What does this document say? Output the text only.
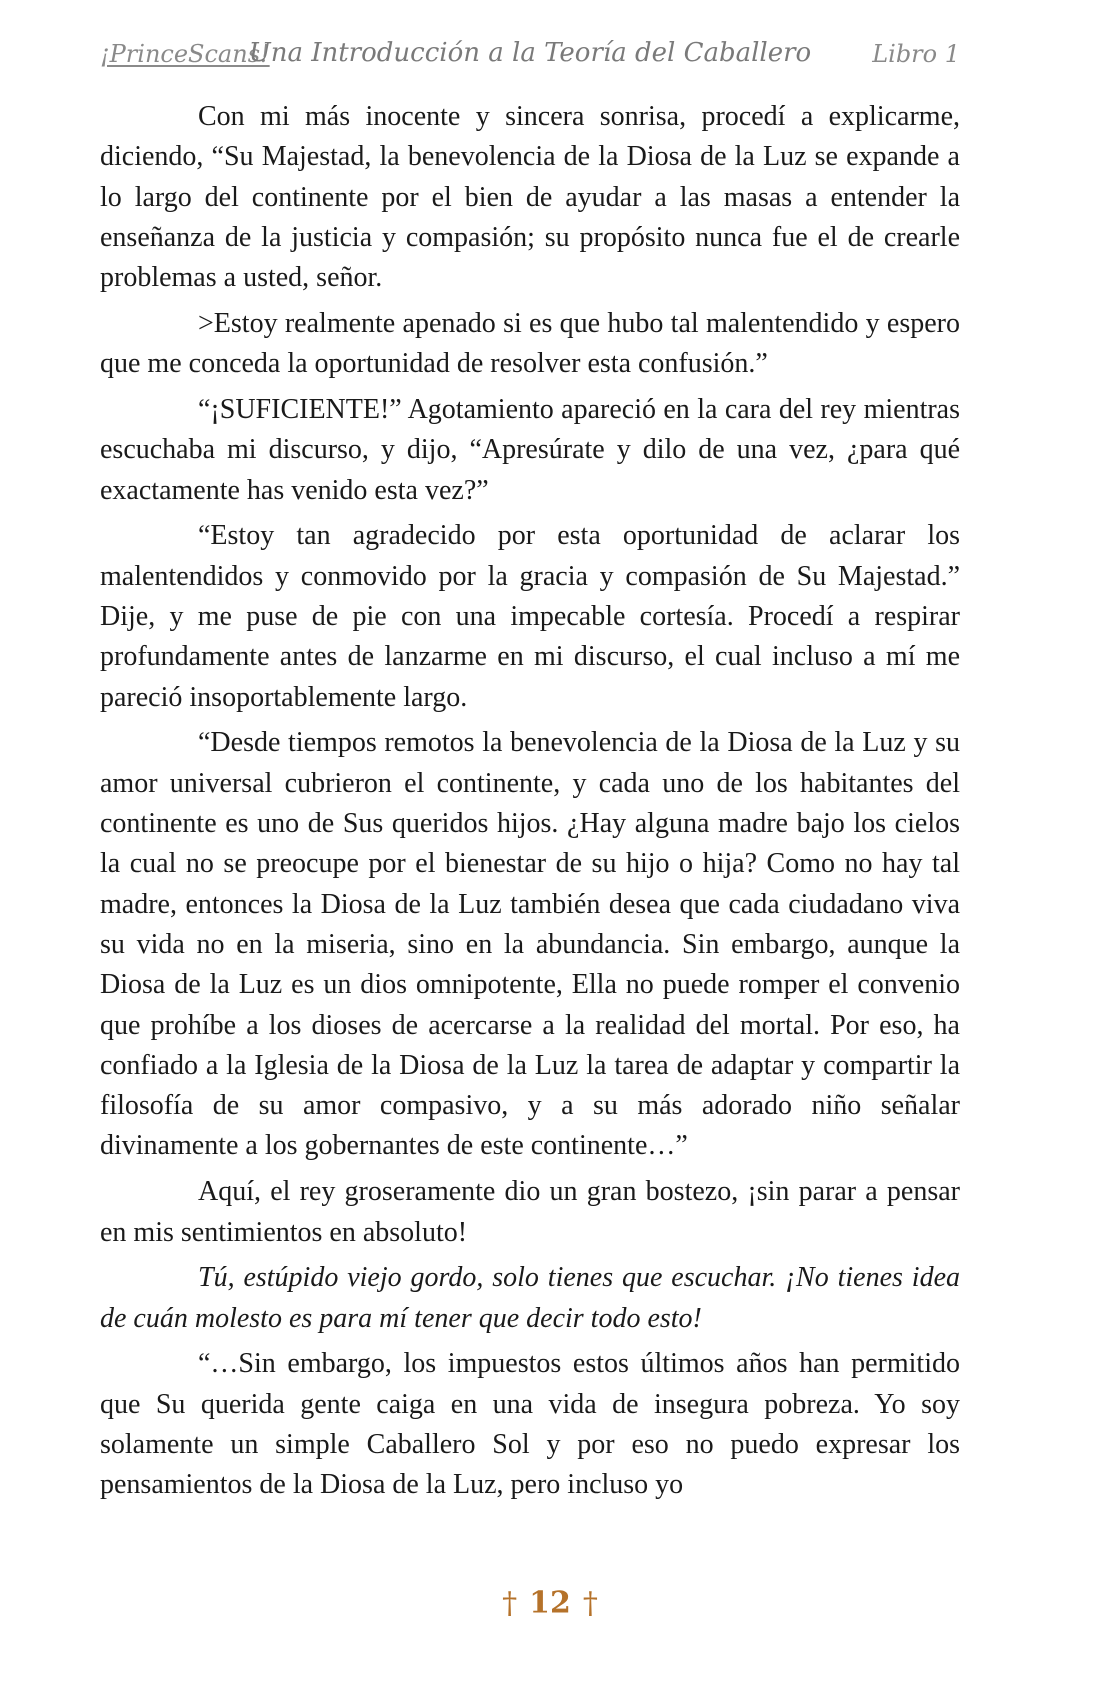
¡PrinceScans!
Una Introducción a la Teoría del Caballero	Libro 1

Con mi más inocente y sincera sonrisa, procedí a explicarme, diciendo, “Su Majestad, la benevolencia de la Diosa de la Luz se expande a lo largo del continente por el bien de ayudar a las masas a entender la enseñanza de la justicia y compasión; su propósito nunca fue el de crearle problemas a usted, señor.

>Estoy realmente apenado si es que hubo tal malentendido y espero que me conceda la oportunidad de resolver esta confusión.”

“¡SUFICIENTE!” Agotamiento apareció en la cara del rey mientras escuchaba mi discurso, y dijo, “Apresúrate y dilo de una vez, ¿para qué exactamente has venido esta vez?”

“Estoy tan agradecido por esta oportunidad de aclarar los malentendidos y conmovido por la gracia y compasión de Su Majestad.” Dije, y me puse de pie con una impecable cortesía. Procedí a respirar profundamente antes de lanzarme en mi discurso, el cual incluso a mí me pareció insoportablemente largo.

“Desde tiempos remotos la benevolencia de la Diosa de la Luz y su amor universal cubrieron el continente, y cada uno de los habitantes del continente es uno de Sus queridos hijos. ¿Hay alguna madre bajo los cielos la cual no se preocupe por el bienestar de su hijo o hija? Como no hay tal madre, entonces la Diosa de la Luz también desea que cada ciudadano viva su vida no en la miseria, sino en la abundancia. Sin embargo, aunque la Diosa de la Luz es un dios omnipotente, Ella no puede romper el convenio que prohíbe a los dioses de acercarse a la realidad del mortal. Por eso, ha confiado a la Iglesia de la Diosa de la Luz la tarea de adaptar y compartir la filosofía de su amor compasivo, y a su más adorado niño señalar divinamente a los gobernantes de este continente…”

Aquí, el rey groseramente dio un gran bostezo, ¡sin parar a pensar en mis sentimientos en absoluto!

Tú, estúpido viejo gordo, solo tienes que escuchar. ¡No tienes idea de cuán molesto es para mí tener que decir todo esto!

“…Sin embargo, los impuestos estos últimos años han permitido que Su querida gente caiga en una vida de insegura pobreza. Yo soy solamente un simple Caballero Sol y por eso no puedo expresar los pensamientos de la Diosa de la Luz, pero incluso yo

† 12 †
